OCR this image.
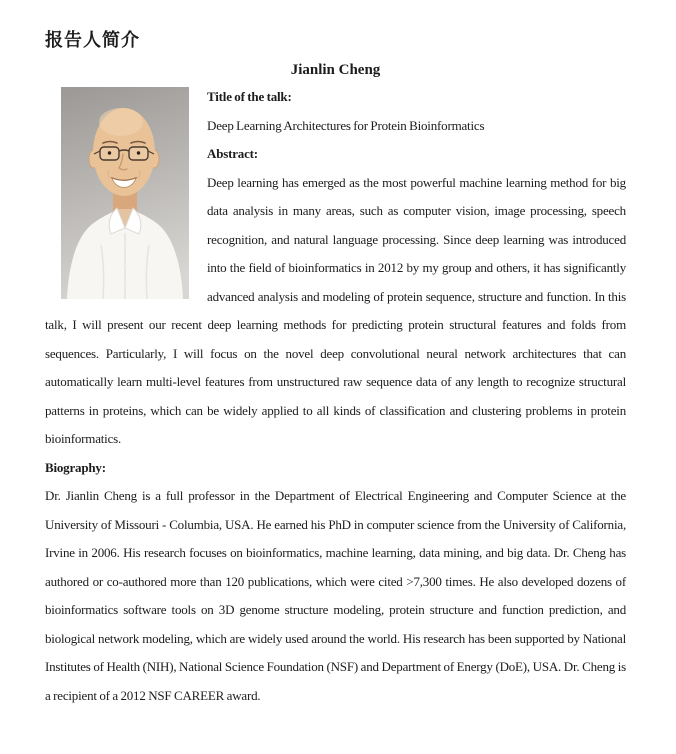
报告人简介
Jianlin Cheng

Title of the talk:

Deep Learning Architectures for Protein Bioinformatics

Abstract:

Deep learning has emerged as the most powerful machine learning method for big data analysis in many areas, such as computer vision, image processing, speech recognition, and natural language processing. Since deep learning was introduced into the field of bioinformatics in 2012 by my group and others, it has significantly advanced analysis and modeling of protein sequence, structure and function. In this talk, I will present our recent deep learning methods for predicting protein structural features and folds from sequences. Particularly, I will focus on the novel deep convolutional neural network architectures that can automatically learn multi-level features from unstructured raw sequence data of any length to recognize structural patterns in proteins, which can be widely applied to all kinds of classification and clustering problems in protein bioinformatics.

Biography:

Dr. Jianlin Cheng is a full professor in the Department of Electrical Engineering and Computer Science at the University of Missouri - Columbia, USA. He earned his PhD in computer science from the University of California, Irvine in 2006. His research focuses on bioinformatics, machine learning, data mining, and big data. Dr. Cheng has authored or co-authored more than 120 publications, which were cited >7,300 times. He also developed dozens of bioinformatics software tools on 3D genome structure modeling, protein structure and function prediction, and biological network modeling, which are widely used around the world. His research has been supported by National Institutes of Health (NIH), National Science Foundation (NSF) and Department of Energy (DoE), USA. Dr. Cheng is a recipient of a 2012 NSF CAREER award.
